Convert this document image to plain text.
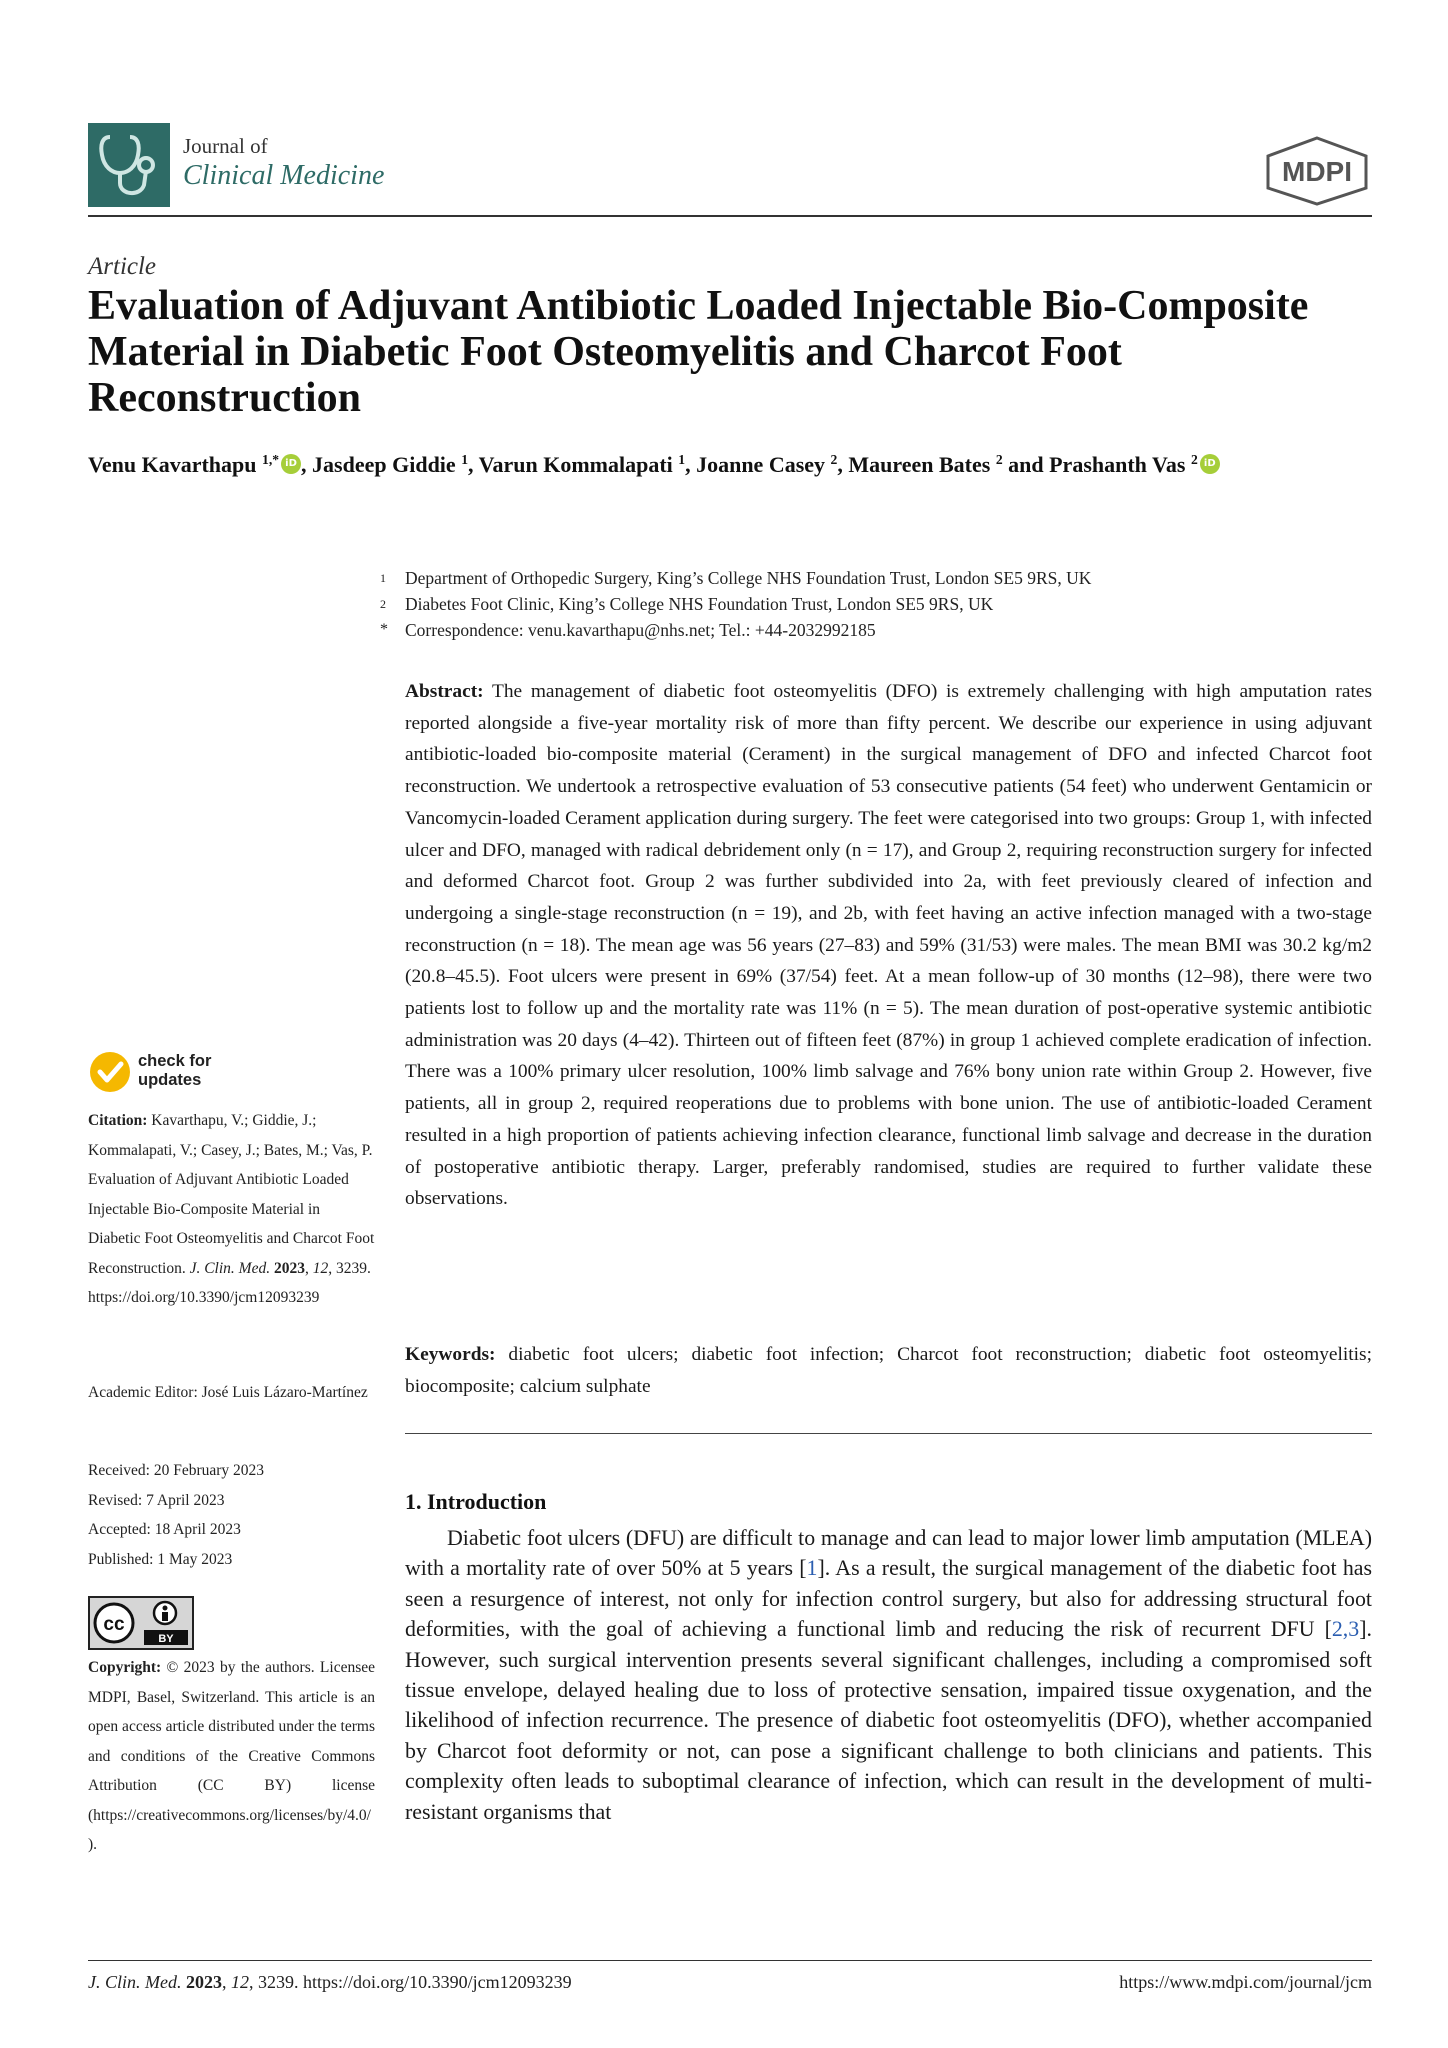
Journal of
Clinical Medicine	MDPI
Article
Evaluation of Adjuvant Antibiotic Loaded Injectable Bio-Composite Material in Diabetic Foot Osteomyelitis and Charcot Foot Reconstruction
Venu Kavarthapu $^{1,*}$ iD , Jasdeep Giddie $^1$, Varun Kommalapati $^1$, Joanne Casey $^2$, Maureen Bates $^2$ and Prashanth Vas $^2$ iD
1 Department of Orthopedic Surgery, King’s College NHS Foundation Trust, London SE5 9RS, UK
2 Diabetes Foot Clinic, King’s College NHS Foundation Trust, London SE5 9RS, UK
* Correspondence: venu.kavarthapu@nhs.net; Tel.: +44-2032992185

Abstract: The management of diabetic foot osteomyelitis (DFO) is extremely challenging with high amputation rates reported alongside a five-year mortality risk of more than fifty percent. We describe our experience in using adjuvant antibiotic-loaded bio-composite material (Cerament) in the surgical management of DFO and infected Charcot foot reconstruction. We undertook a retrospective evaluation of 53 consecutive patients (54 feet) who underwent Gentamicin or Vancomycin-loaded Cerament application during surgery. The feet were categorised into two groups: Group 1, with infected ulcer and DFO, managed with radical debridement only (n = 17), and Group 2, requiring reconstruction surgery for infected and deformed Charcot foot. Group 2 was further subdivided into 2a, with feet previously cleared of infection and undergoing a single-stage reconstruction (n = 19), and 2b, with feet having an active infection managed with a two-stage reconstruction (n = 18). The mean age was 56 years (27–83) and 59% (31/53) were males. The mean BMI was 30.2 kg/m2 (20.8–45.5). Foot ulcers were present in 69% (37/54) feet. At a mean follow-up of 30 months (12–98), there were two patients lost to follow up and the mortality rate was 11% (n = 5). The mean duration of post-operative systemic antibiotic administration was 20 days (4–42). Thirteen out of fifteen feet (87%) in group 1 achieved complete eradication of infection. There was a 100% primary ulcer resolution, 100% limb salvage and 76% bony union rate within Group 2. However, five patients, all in group 2, required reoperations due to problems with bone union. The use of antibiotic-loaded Cerament resulted in a high proportion of patients achieving infection clearance, functional limb salvage and decrease in the duration of postoperative antibiotic therapy. Larger, preferably randomised, studies are required to further validate these observations.

Keywords: diabetic foot ulcers; diabetic foot infection; Charcot foot reconstruction; diabetic foot osteomyelitis; biocomposite; calcium sulphate

1. Introduction

Diabetic foot ulcers (DFU) are difficult to manage and can lead to major lower limb amputation (MLEA) with a mortality rate of over 50% at 5 years [1]. As a result, the surgical management of the diabetic foot has seen a resurgence of interest, not only for infection control surgery, but also for addressing structural foot deformities, with the goal of achieving a functional limb and reducing the risk of recurrent DFU [2,3]. However, such surgical intervention presents several significant challenges, including a compromised soft tissue envelope, delayed healing due to loss of protective sensation, impaired tissue oxygenation, and the likelihood of infection recurrence. The presence of diabetic foot osteomyelitis (DFO), whether accompanied by Charcot foot deformity or not, can pose a significant challenge to both clinicians and patients. This complexity often leads to suboptimal clearance of infection, which can result in the development of multi-resistant organisms that

check for
updates
Citation: Kavarthapu, V.; Giddie, J.; Kommalapati, V.; Casey, J.; Bates, M.; Vas, P. Evaluation of Adjuvant Antibiotic Loaded Injectable Bio-Composite Material in Diabetic Foot Osteomyelitis and Charcot Foot Reconstruction. J. Clin. Med. 2023, 12, 3239. https://doi.org/10.3390/jcm12093239
Academic Editor: José Luis Lázaro-Martínez
Received: 20 February 2023
Revised: 7 April 2023
Accepted: 18 April 2023
Published: 1 May 2023
cc
BY
Copyright: © 2023 by the authors. Licensee MDPI, Basel, Switzerland. This article is an open access article distributed under the terms and conditions of the Creative Commons Attribution (CC BY) license (https://creativecommons.org/licenses/by/4.0/).
J. Clin. Med. 2023, 12, 3239. https://doi.org/10.3390/jcm12093239	https://www.mdpi.com/journal/jcm
